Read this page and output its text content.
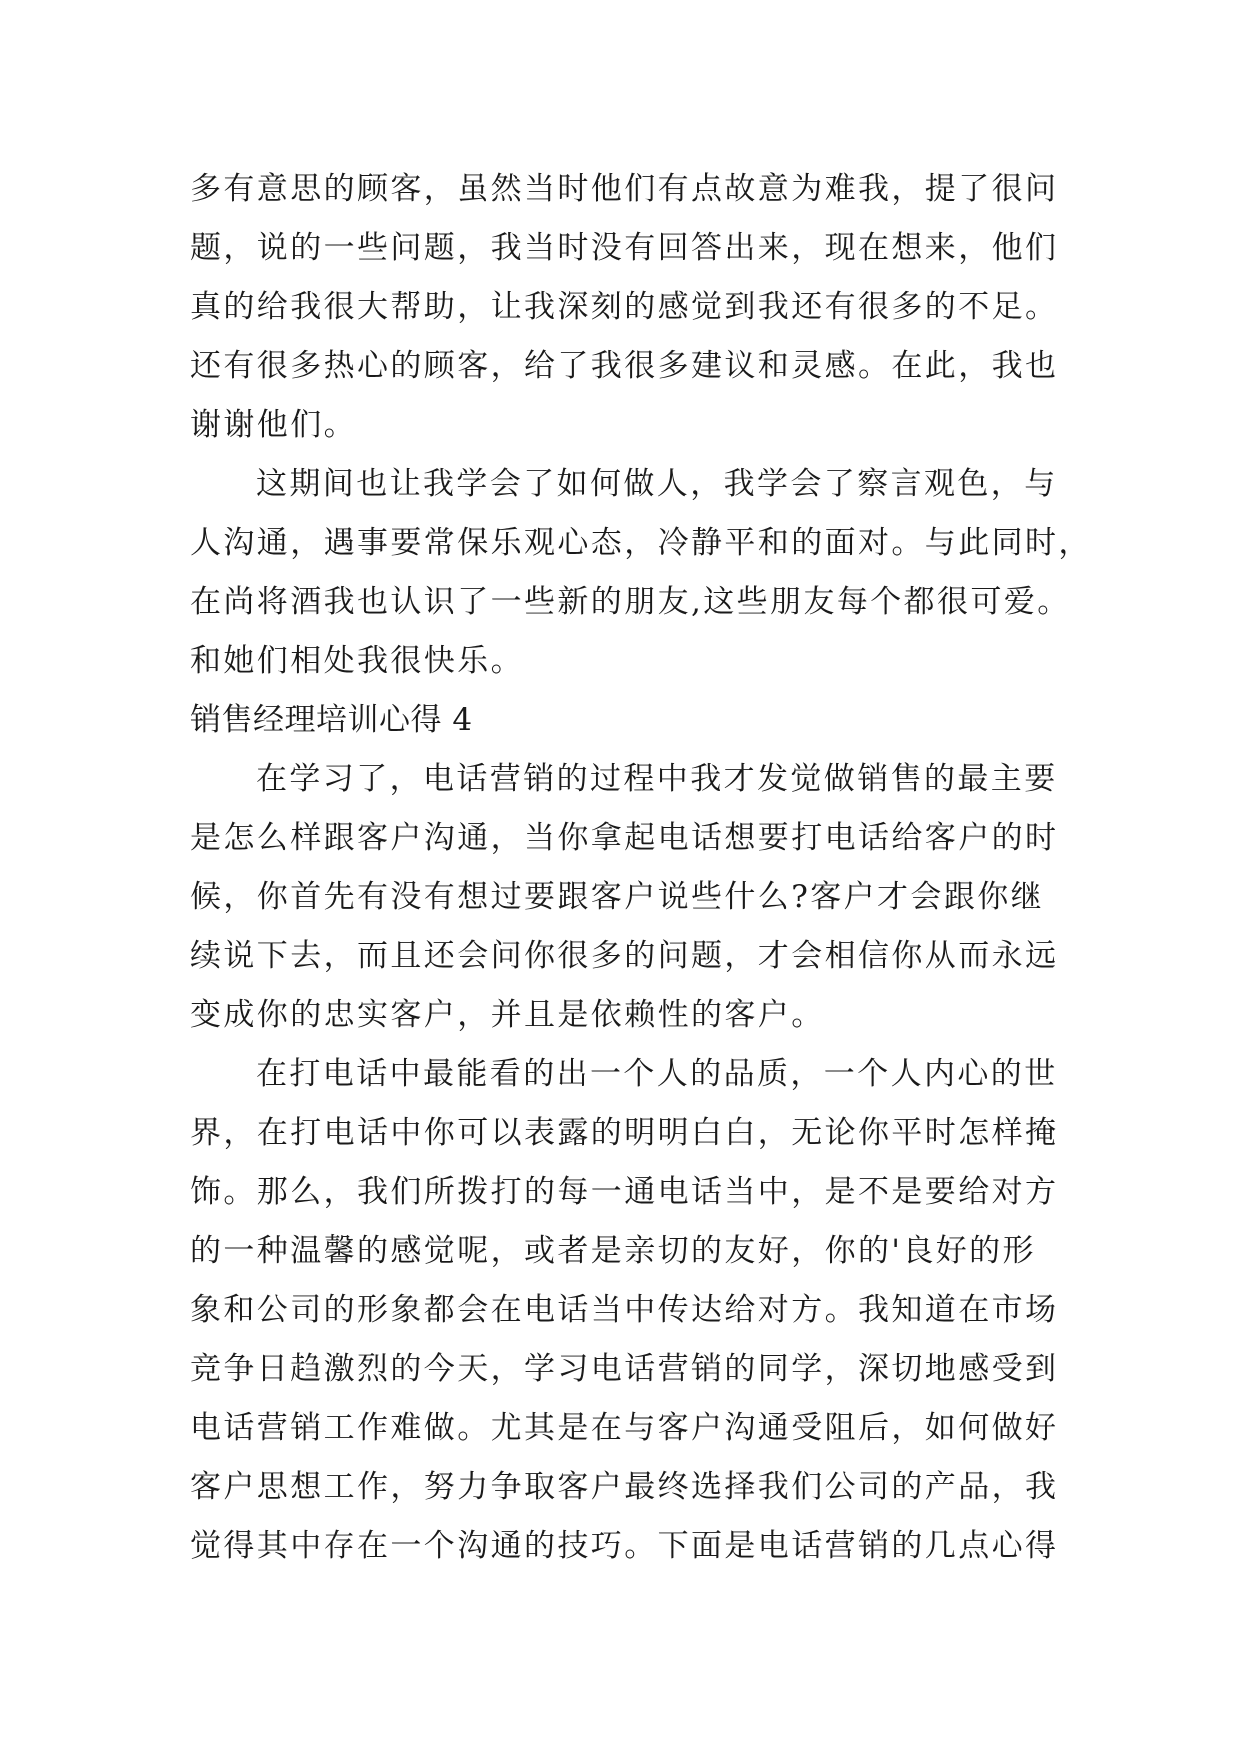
多有意思的顾客，虽然当时他们有点故意为难我，提了很问
题，说的一些问题，我当时没有回答出来，现在想来，他们
真的给我很大帮助，让我深刻的感觉到我还有很多的不足。
还有很多热心的顾客，给了我很多建议和灵感。在此，我也
谢谢他们。
这期间也让我学会了如何做人，我学会了察言观色，与
人沟通，遇事要常保乐观心态，冷静平和的面对。与此同时，
在尚将酒我也认识了一些新的朋友,这些朋友每个都很可爱。
和她们相处我很快乐。
销售经理培训心得 4
在学习了，电话营销的过程中我才发觉做销售的最主要
是怎么样跟客户沟通，当你拿起电话想要打电话给客户的时
候，你首先有没有想过要跟客户说些什么?客户才会跟你继
续说下去，而且还会问你很多的问题，才会相信你从而永远
变成你的忠实客户，并且是依赖性的客户。
在打电话中最能看的出一个人的品质，一个人内心的世
界，在打电话中你可以表露的明明白白，无论你平时怎样掩
饰。那么，我们所拨打的每一通电话当中，是不是要给对方
的一种温馨的感觉呢，或者是亲切的友好，你的'良好的形
象和公司的形象都会在电话当中传达给对方。我知道在市场
竞争日趋激烈的今天，学习电话营销的同学，深切地感受到
电话营销工作难做。尤其是在与客户沟通受阻后，如何做好
客户思想工作，努力争取客户最终选择我们公司的产品，我
觉得其中存在一个沟通的技巧。下面是电话营销的几点心得
